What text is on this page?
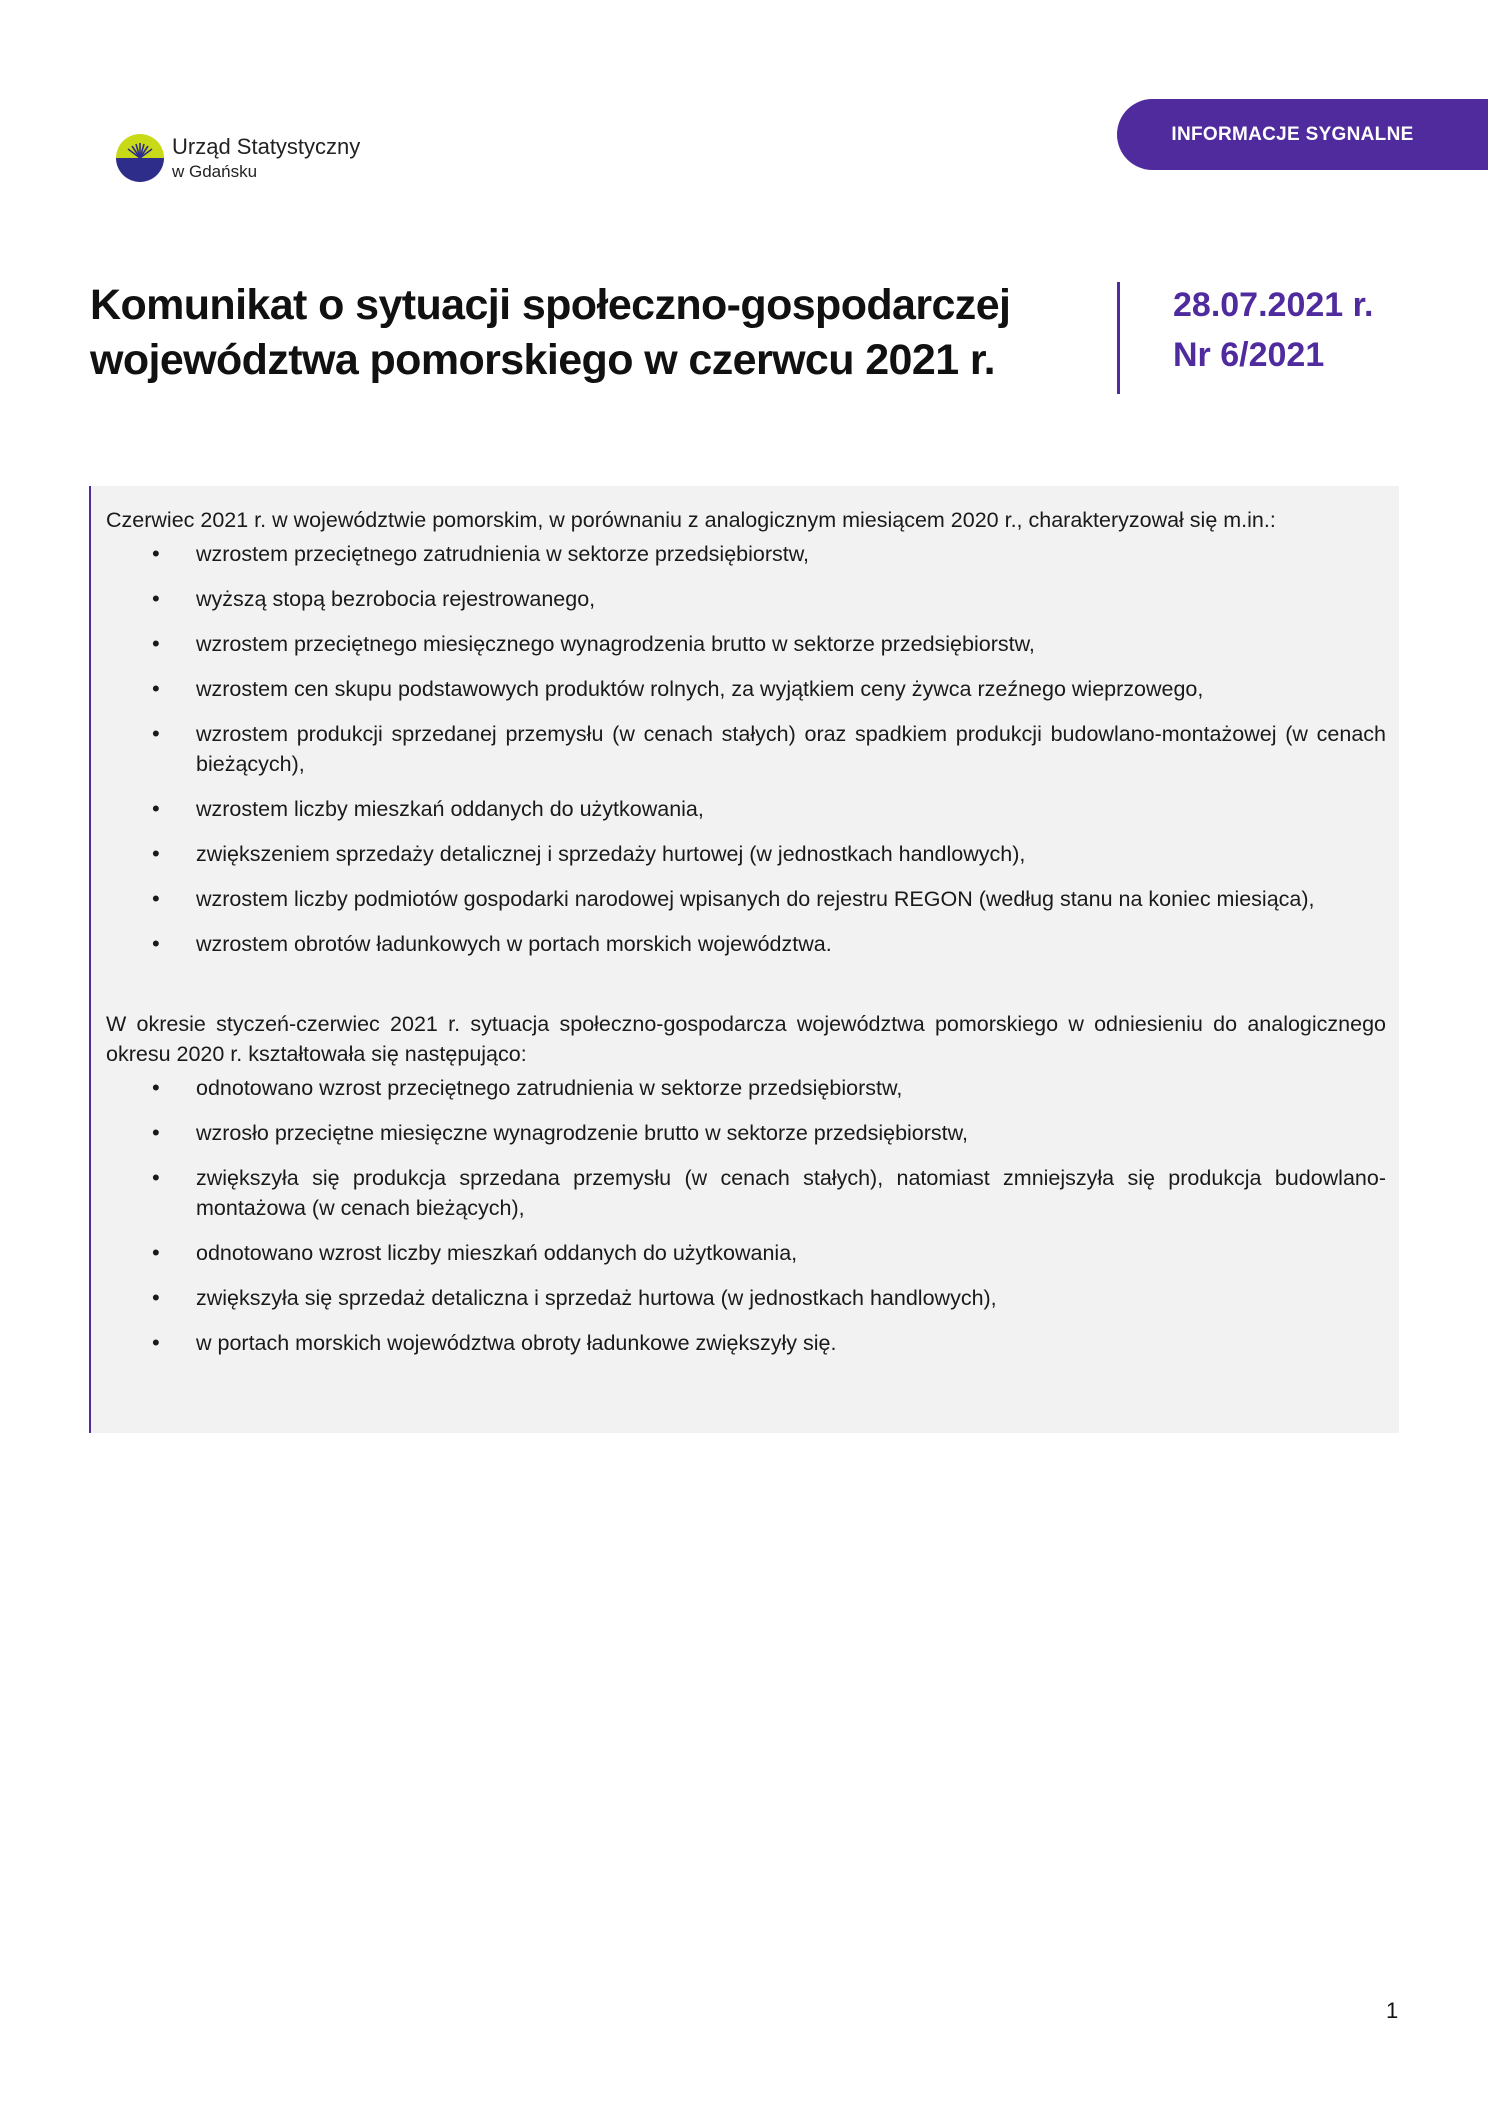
Urząd Statystyczny
w Gdańsku
INFORMACJE SYGNALNE
Komunikat o sytuacji społeczno-gospodarczej
województwa pomorskiego w czerwcu 2021 r.
28.07.2021 r.
Nr 6/2021

Czerwiec 2021 r. w województwie pomorskim, w porównaniu z analogicznym miesiącem 2020 r., charakteryzował się m.in.:

• wzrostem przeciętnego zatrudnienia w sektorze przedsiębiorstw,
• wyższą stopą bezrobocia rejestrowanego,
• wzrostem przeciętnego miesięcznego wynagrodzenia brutto w sektorze przedsiębiorstw,
• wzrostem cen skupu podstawowych produktów rolnych, za wyjątkiem ceny żywca rzeźnego wieprzowego,
• wzrostem produkcji sprzedanej przemysłu (w cenach stałych) oraz spadkiem produkcji budowlano-montażowej (w cenach bieżących),
• wzrostem liczby mieszkań oddanych do użytkowania,
• zwiększeniem sprzedaży detalicznej i sprzedaży hurtowej (w jednostkach handlowych),
• wzrostem liczby podmiotów gospodarki narodowej wpisanych do rejestru REGON (według stanu na koniec miesiąca),
• wzrostem obrotów ładunkowych w portach morskich województwa.

W okresie styczeń-czerwiec 2021 r. sytuacja społeczno-gospodarcza województwa pomorskiego w odniesieniu do analogicznego okresu 2020 r. kształtowała się następująco:

• odnotowano wzrost przeciętnego zatrudnienia w sektorze przedsiębiorstw,
• wzrosło przeciętne miesięczne wynagrodzenie brutto w sektorze przedsiębiorstw,
• zwiększyła się produkcja sprzedana przemysłu (w cenach stałych), natomiast zmniejszyła się produkcja budowlano-montażowa (w cenach bieżących),
• odnotowano wzrost liczby mieszkań oddanych do użytkowania,
• zwiększyła się sprzedaż detaliczna i sprzedaż hurtowa (w jednostkach handlowych),
• w portach morskich województwa obroty ładunkowe zwiększyły się.
1
